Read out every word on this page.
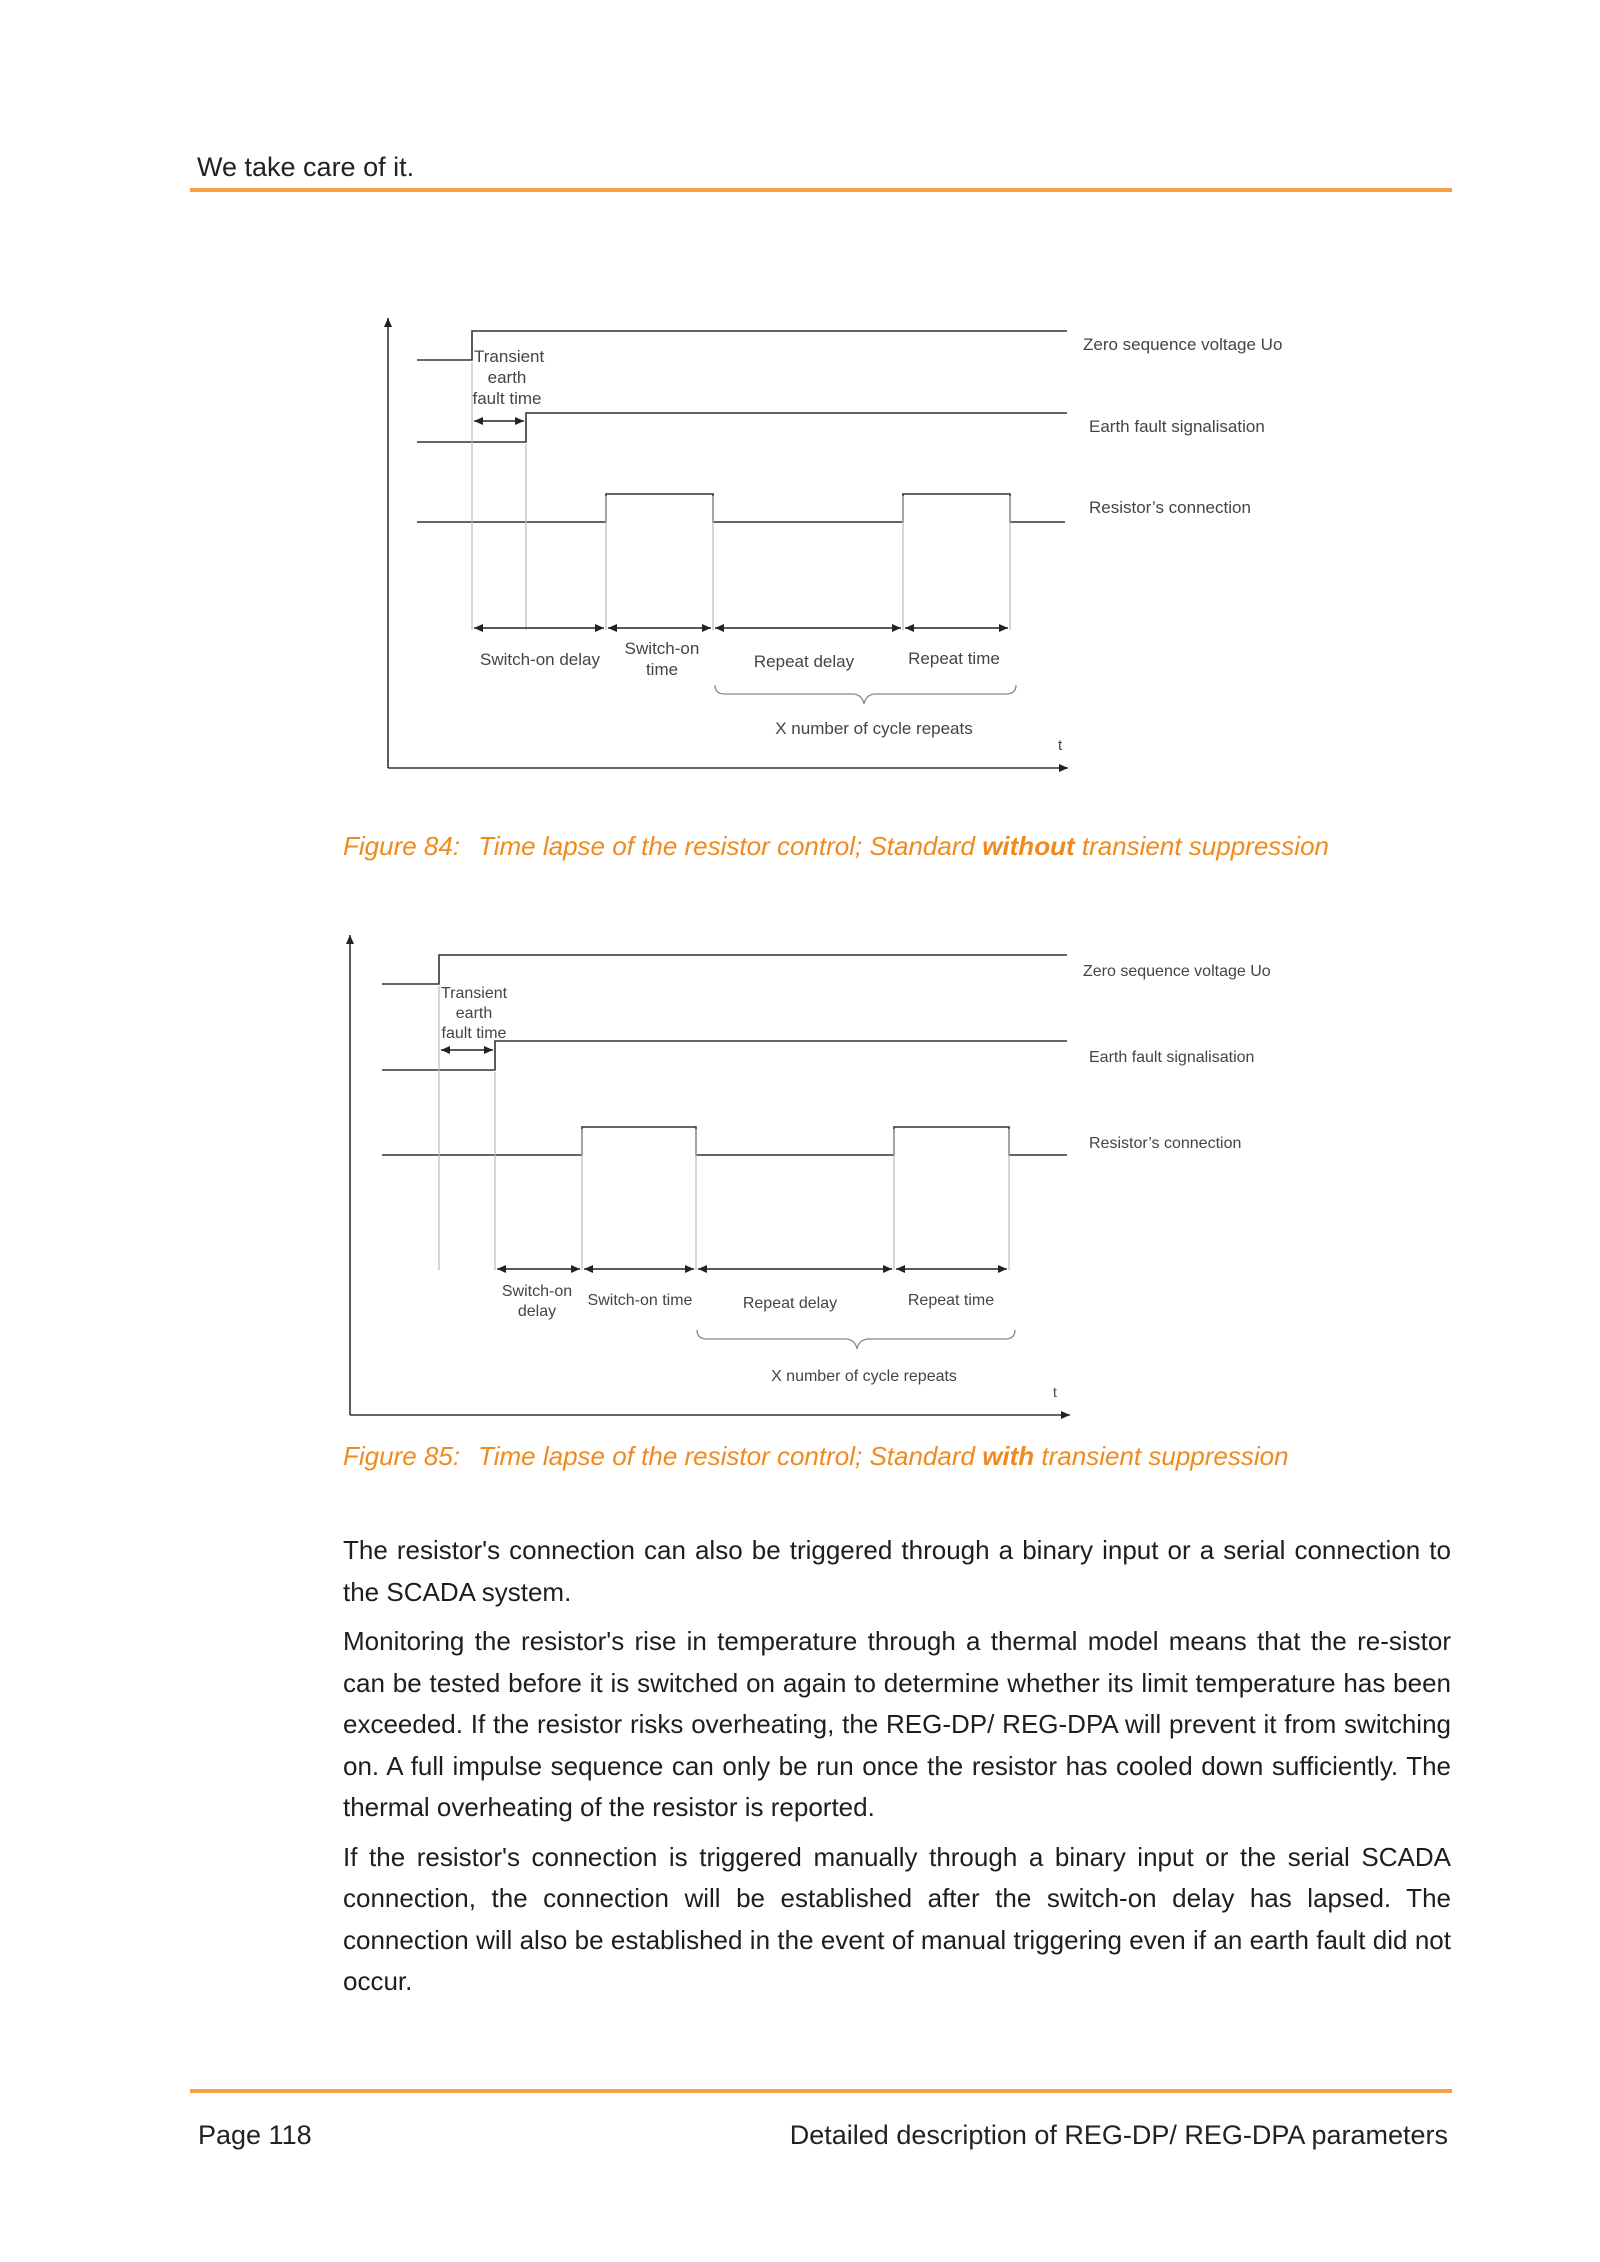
We take care of it.
Transient
earth
fault time
Zero sequence voltage Uo
Earth fault signalisation
Resistor’s connection
Switch-on delay
Switch-on
time	Repeat delay	Repeat time
X number of cycle repeats
t
Figure 84: Time lapse of the resistor control; Standard without transient suppression
Transient
earth
fault time
Zero sequence voltage Uo
Earth fault signalisation
Resistor’s connection
Switch-on
delay
Switch-on time	Repeat delay	Repeat time
X number of cycle repeats
t
Figure 85: Time lapse of the resistor control; Standard with transient suppression

The resistor's connection can also be triggered through a binary input or a serial connection to the SCADA system.

Monitoring the resistor's rise in temperature through a thermal model means that the re-sistor can be tested before it is switched on again to determine whether its limit temperature has been exceeded. If the resistor risks overheating, the REG-DP/ REG-DPA will prevent it from switching on. A full impulse sequence can only be run once the resistor has cooled down sufficiently. The thermal overheating of the resistor is reported.

If the resistor's connection is triggered manually through a binary input or the serial SCADA connection, the connection will be established after the switch-on delay has lapsed. The connection will also be established in the event of manual triggering even if an earth fault did not occur.

Page 118	Detailed description of REG-DP/ REG-DPA parameters
